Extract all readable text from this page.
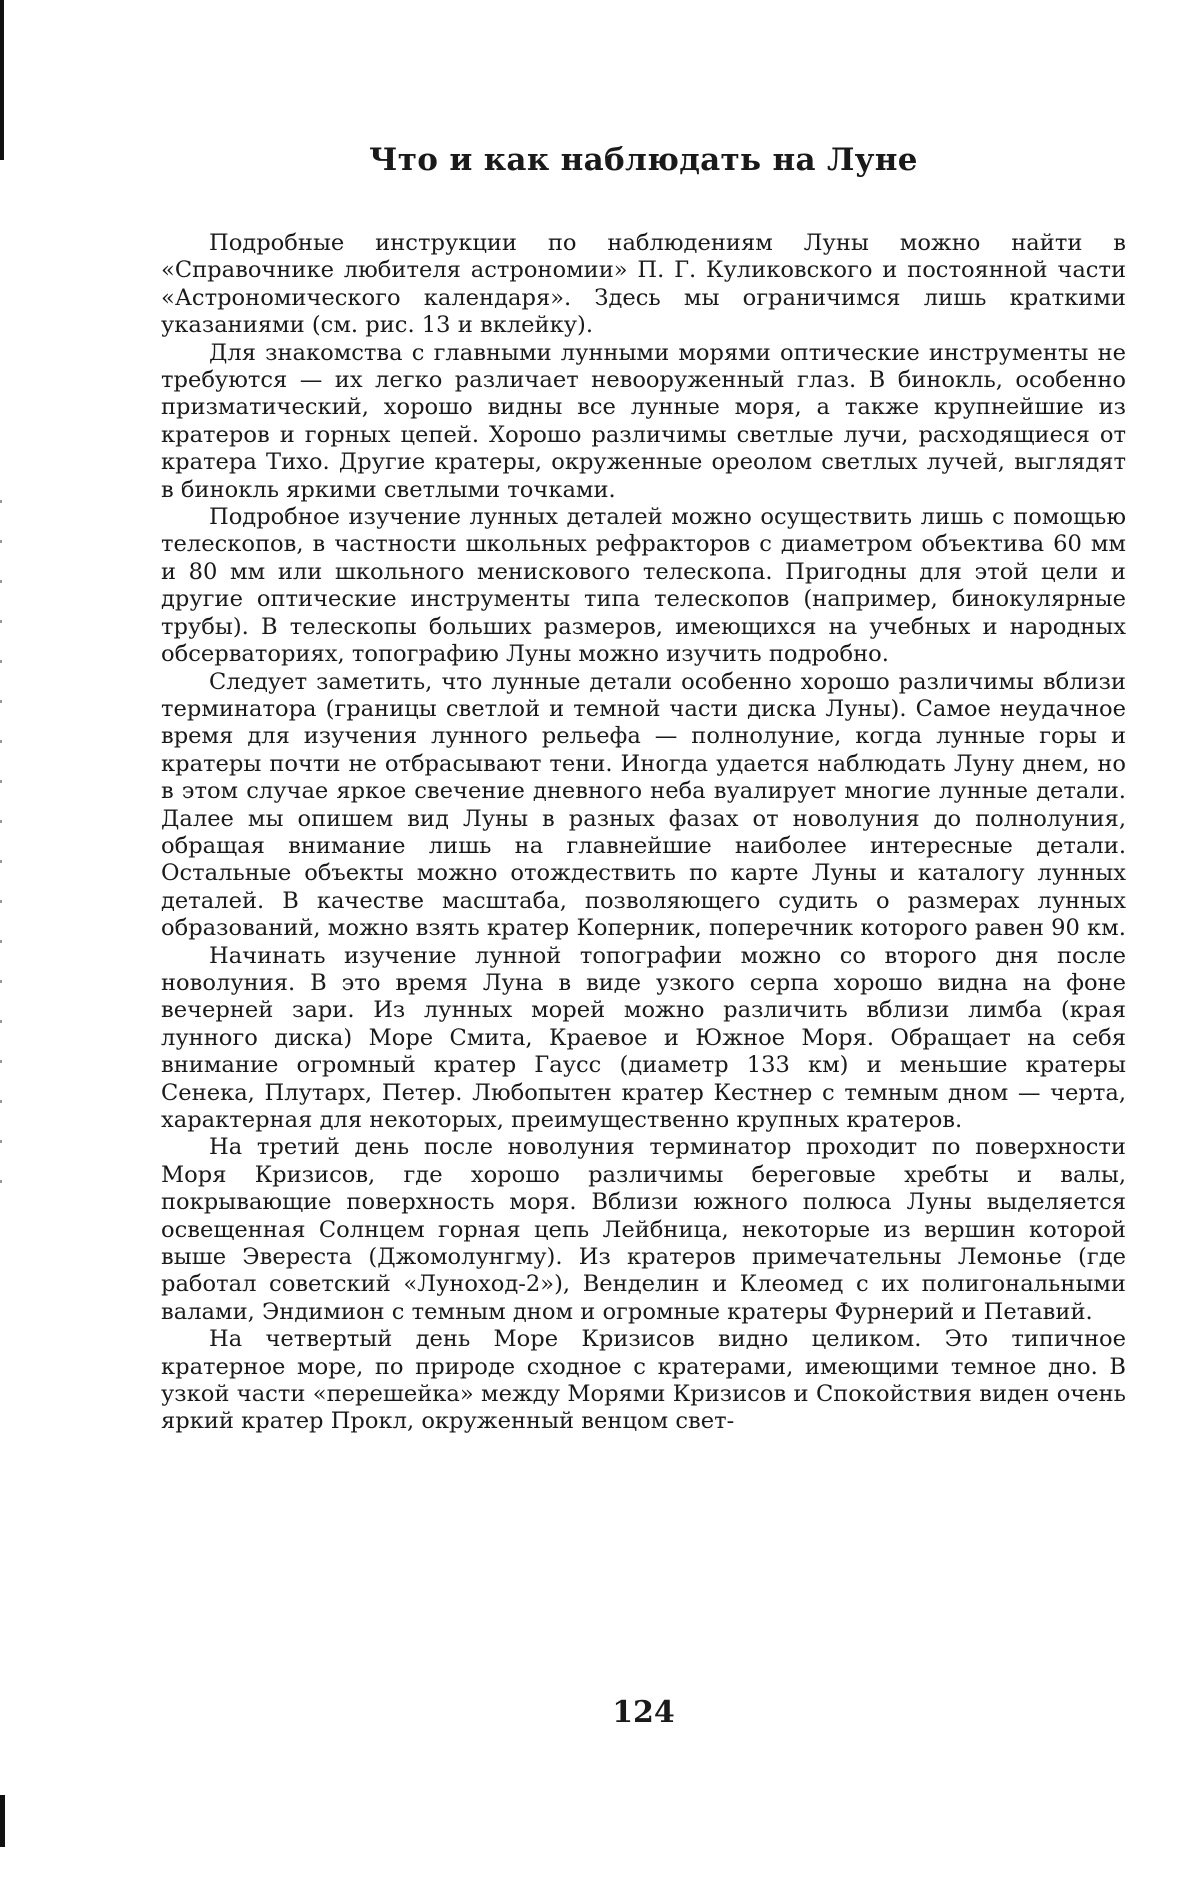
Что и как наблюдать на Луне

Подробные инструкции по наблюдениям Луны можно найти в «Справочнике любителя астрономии» П. Г. Куликовского и постоянной части «Астрономического календаря». Здесь мы ограничимся лишь краткими указаниями (см. рис. 13 и вклейку).

Для знакомства с главными лунными морями оптические инструменты не требуются — их легко различает невооруженный глаз. В бинокль, особенно призматический, хорошо видны все лунные моря, а также крупнейшие из кратеров и горных цепей. Хорошо различимы светлые лучи, расходящиеся от кратера Тихо. Другие кратеры, окруженные ореолом светлых лучей, выглядят в бинокль яркими светлыми точками.

Подробное изучение лунных деталей можно осуществить лишь с помощью телескопов, в частности школьных рефракторов с диаметром объектива 60 мм и 80 мм или школьного менискового телескопа. Пригодны для этой цели и другие оптические инструменты типа телескопов (например, бинокулярные трубы). В телескопы больших размеров, имеющихся на учебных и народных обсерваториях, топографию Луны можно изучить подробно.

Следует заметить, что лунные детали особенно хорошо различимы вблизи терминатора (границы светлой и темной части диска Луны). Самое неудачное время для изучения лунного рельефа — полнолуние, когда лунные горы и кратеры почти не отбрасывают тени. Иногда удается наблюдать Луну днем, но в этом случае яркое свечение дневного неба вуалирует многие лунные детали. Далее мы опишем вид Луны в разных фазах от новолуния до полнолуния, обращая внимание лишь на главнейшие наиболее интересные детали. Остальные объекты можно отождествить по карте Луны и каталогу лунных деталей. В качестве масштаба, позволяющего судить о размерах лунных образований, можно взять кратер Коперник, поперечник которого равен 90 км.

Начинать изучение лунной топографии можно со второго дня после новолуния. В это время Луна в виде узкого серпа хорошо видна на фоне вечерней зари. Из лунных морей можно различить вблизи лимба (края лунного диска) Море Смита, Краевое и Южное Моря. Обращает на себя внимание огромный кратер Гаусс (диаметр 133 км) и меньшие кратеры Сенека, Плутарх, Петер. Любопытен кратер Кестнер с темным дном — черта, характерная для некоторых, преимущественно крупных кратеров.

На третий день после новолуния терминатор проходит по поверхности Моря Кризисов, где хорошо различимы береговые хребты и валы, покрывающие поверхность моря. Вблизи южного полюса Луны выделяется освещенная Солнцем горная цепь Лейбница, некоторые из вершин которой выше Эвереста (Джомолунгму). Из кратеров примечательны Лемонье (где работал советский «Луноход-2»), Венделин и Клеомед с их полигональными валами, Эндимион с темным дном и огромные кратеры Фурнерий и Петавий.

На четвертый день Море Кризисов видно целиком. Это типичное кратерное море, по природе сходное с кратерами, имеющими темное дно. В узкой части «перешейка» между Морями Кризисов и Спокойствия виден очень яркий кратер Прокл, окруженный венцом свет-

124
